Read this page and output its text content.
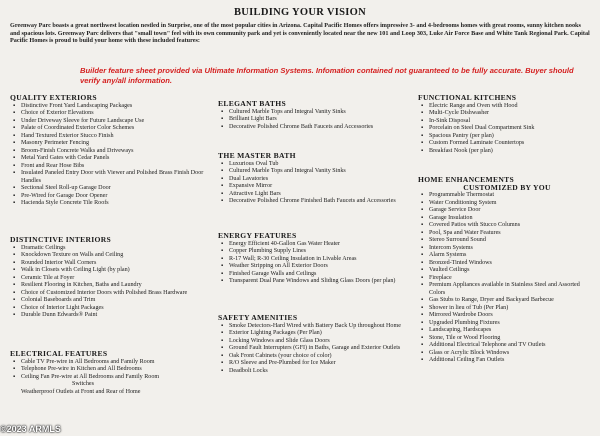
BUILDING YOUR VISION
Greenway Parc boasts a great northwest location nestled in Surprise, one of the most popular cities in Arizona. Capital Pacific Homes offers impressive 3- and 4-bedrooms homes with great rooms, sunny kitchen nooks and spacious lots. Greenway Parc delivers that "small town" feel with its own community park and yet is conveniently located near the new 101 and Loop 303, Luke Air Force Base and White Tank Regional Park. Capital Pacific Homes is proud to build your home with these included features:
Builder feature sheet provided via Ultimate Information Systems. Infomation contained not guaranteed to be fully accurate. Buyer should verify any/all information.
QUALITY EXTERIORS
▪ Distinctive Front Yard Landscaping Packages
▪ Choice of Exterior Elevations
▪ Under Driveway Sleeve for Future Landscape Use
▪ Palate of Coordinated Exterior Color Schemes
▪ Hand Textured Exterior Stucco Finish
▪ Masonry Perimeter Fencing
▪ Broom-Finish Concrete Walks and Driveways
▪ Metal Yard Gates with Cedar Panels
▪ Front and Rear Hose Bibs
▪ Insulated Paneled Entry Door with Viewer and Polished Brass Finish Door Handles
▪ Sectional Steel Roll-up Garage Door
▪ Pre-Wired for Garage Door Opener
▪ Hacienda Style Concrete Tile Roofs
DISTINCTIVE INTERIORS
▪ Dramatic Ceilings
▪ Knockdown Texture on Walls and Ceiling
▪ Rounded Interior Wall Corners
▪ Walk in Closets with Ceiling Light (by plan)
▪ Ceramic Tile at Foyer
▪ Resilient Flooring in Kitchen, Baths and Laundry
▪ Choice of Customized Interior Doors with Polished Brass Hardware
▪ Colonial Baseboards and Trim
▪ Choice of Interior Light Packages
▪ Durable Dunn Edwards® Paint
ELECTRICAL FEATURES
▪ Cable TV Pre-wire in All Bedrooms and Family Room
▪ Telephone Pre-wire in Kitchen and All Bedrooms
▪ Ceiling Fan Pre-wire at All Bedrooms and Family Room
Switches
Weatherproof Outlets at Front and Rear of Home
ELEGANT BATHS
▪ Cultured Marble Tops and Integral Vanity Sinks
▪ Brilliant Light Bars
▪ Decorative Polished Chrome Bath Faucets and Accessories
THE MASTER BATH
▪ Luxurious Oval Tub
▪ Cultured Marble Tops and Integral Vanity Sinks
▪ Dual Lavatories
▪ Expansive Mirror
▪ Attractive Light Bars
▪ Decorative Polished Chrome Finished Bath Faucets and Accessories
ENERGY FEATURES
▪ Energy Efficient 40-Gallon Gas Water Heater
▪ Copper Plumbing Supply Lines
▪ R-17 Wall; R-30 Ceiling Insulation in Livable Areas
▪ Weather Stripping on All Exterior Doors
▪ Finished Garage Walls and Ceilings
▪ Transparent Dual Pane Windows and Sliding Glass Doors (per plan)
SAFETY AMENITIES
▪ Smoke Detectors-Hard Wired with Battery Back Up throughout Home
▪ Exterior Lighting Packages (Per Plan)
▪ Locking Windows and Slide Glass Doors
▪ Ground Fault Interrupters (GFI) in Baths, Garage and Exterior Outlets
▪ Oak Front Cabinets (your choice of color)
▪ R/O Sleeve and Pre-Plumbed for Ice Maker
▪ Deadbolt Locks
FUNCTIONAL KITCHENS
▪ Electric Range and Oven with Hood
▪ Multi-Cycle Dishwasher
▪ In-Sink Disposal
▪ Porcelain on Steel Dual Compartment Sink
▪ Spacious Pantry (per plan)
▪ Custom Formed Laminate Countertops
▪ Breakfast Nook (per plan)
HOME ENHANCEMENTS
CUSTOMIZED BY YOU
▪ Programmable Thermostat
▪ Water Conditioning System
▪ Garage Service Door
▪ Garage Insulation
▪ Covered Patios with Stucco Columns
▪ Pool, Spa and Water Features
▪ Stereo Surround Sound
▪ Intercom Systems
▪ Alarm Systems
▪ Bronzed-Tinted Windows
▪ Vaulted Ceilings
▪ Fireplace
▪ Premium Appliances available in Stainless Steel and Assorted Colors
▪ Gas Stubs to Range, Dryer and Backyard Barbecue
▪ Shower in lieu of Tub (Per Plan)
▪ Mirrored Wardrobe Doors
▪ Upgraded Plumbing Fixtures
▪ Landscaping, Hardscapes
▪ Stone, Tile or Wood Flooring
▪ Additional Electrical Telephone and TV Outlets
▪ Glass or Acrylic Block Windows
▪ Additional Ceiling Fan Outlets
©2023 ARMLS
